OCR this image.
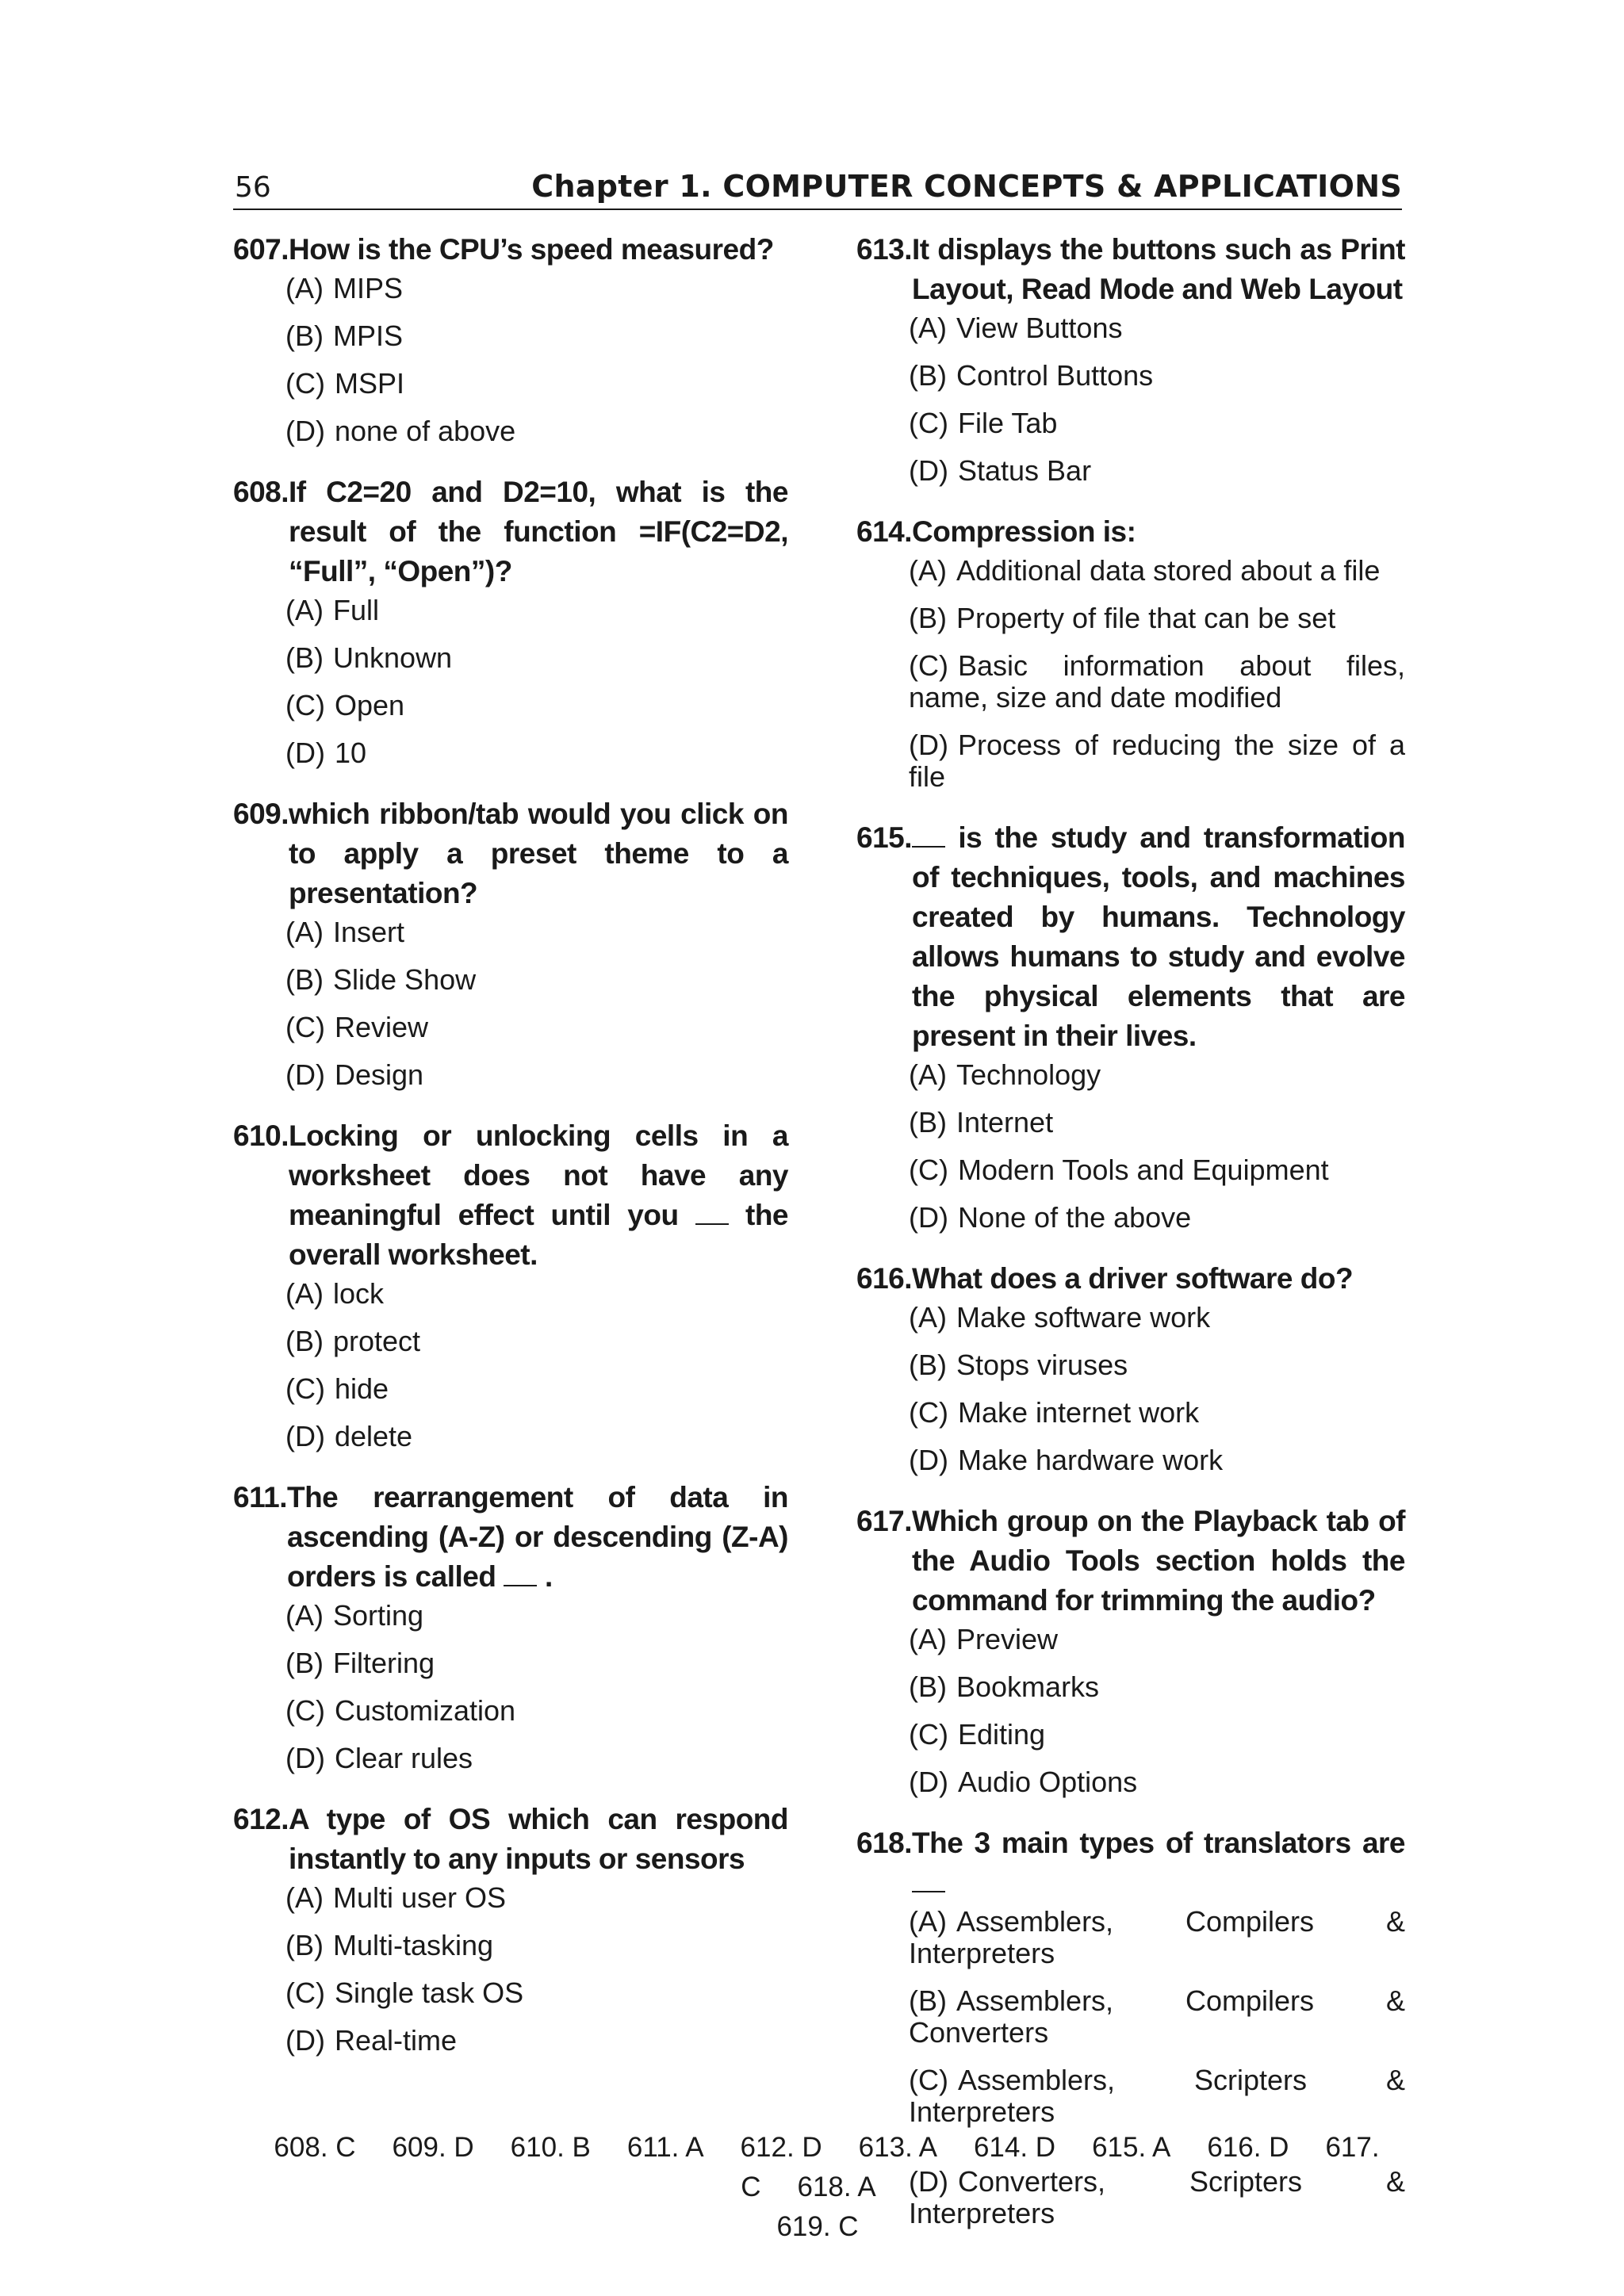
56	Chapter 1. COMPUTER CONCEPTS & APPLICATIONS
607. How is the CPU’s speed measured?
(A) MIPS
(B) MPIS
(C) MSPI
(D) none of above
608. If C2=20 and D2=10, what is the result of the function =IF(C2=D2, “Full”, “Open”)?
(A) Full
(B) Unknown
(C) Open
(D) 10
609. which ribbon/tab would you click on to apply a preset theme to a presentation?
(A) Insert
(B) Slide Show
(C) Review
(D) Design
610. Locking or unlocking cells in a worksheet does not have any meaningful effect until you the overall worksheet.
(A) lock
(B) protect
(C) hide
(D) delete
611. The rearrangement of data in ascending (A-Z) or descending (Z-A) orders is called .
(A) Sorting
(B) Filtering
(C) Customization
(D) Clear rules
612. A type of OS which can respond instantly to any inputs or sensors
(A) Multi user OS
(B) Multi-tasking
(C) Single task OS
(D) Real-time
613. It displays the buttons such as Print Layout, Read Mode and Web Layout
(A) View Buttons
(B) Control Buttons
(C) File Tab
(D) Status Bar
614. Compression is:
(A) Additional data stored about a file
(B) Property of file that can be set
(C) Basic information about files, name, size and date modified
(D) Process of reducing the size of a file
615.	is the study and transformation of techniques, tools, and machines created by humans. Technology allows humans to study and evolve the physical elements that are present in their lives.
(A) Technology
(B) Internet
(C) Modern Tools and Equipment
(D) None of the above
616. What does a driver software do?
(A) Make software work
(B) Stops viruses
(C) Make internet work
(D) Make hardware work
617. Which group on the Playback tab of the Audio Tools section holds the command for trimming the audio?
(A) Preview
(B) Bookmarks
(C) Editing
(D) Audio Options
618. The 3 main types of translators are
(A) Assemblers, Compilers & Interpreters
(B) Assemblers, Compilers & Converters
(C) Assemblers, Scripters & Interpreters
(D) Converters, Scripters & Interpreters
608. C 609. D 610. B 611. A 612. D 613. A 614. D 615. A 616. D 617. C 618. A
619. C
